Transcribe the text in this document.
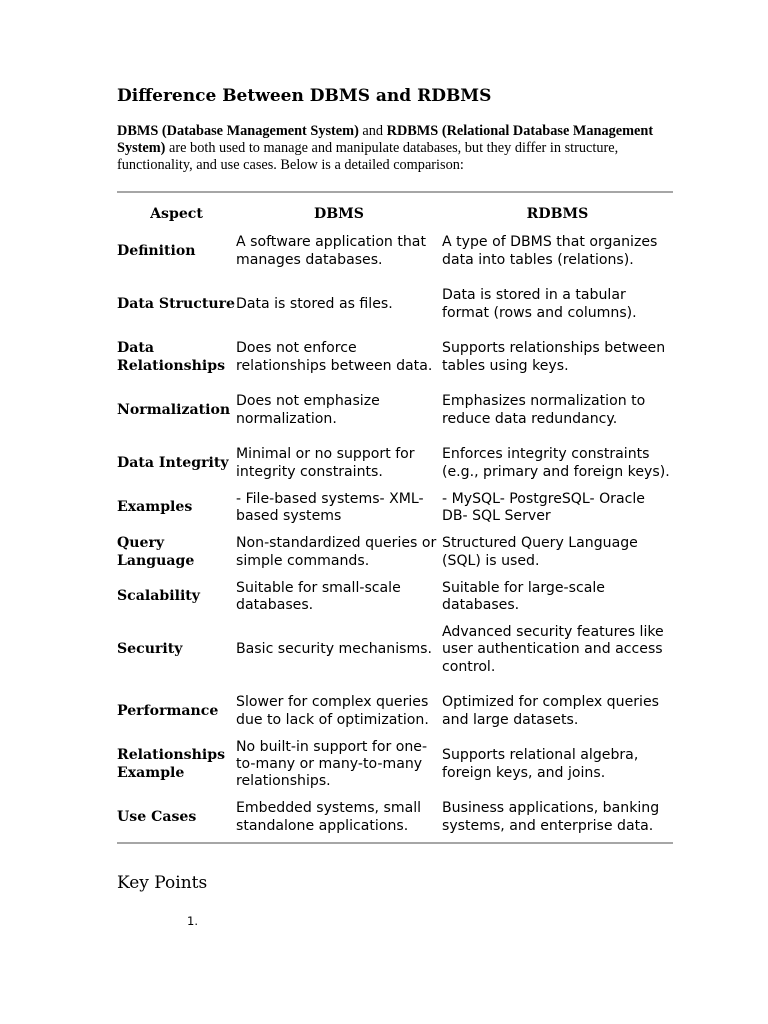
Difference Between DBMS and RDBMS

DBMS (Database Management System) and RDBMS (Relational Database Management System) are both used to manage and manipulate databases, but they differ in structure, functionality, and use cases. Below is a detailed comparison:

Aspect	DBMS	RDBMS
Definition	A software application that manages databases.	A type of DBMS that organizes data into tables (relations).
Data Structure	Data is stored as files.	Data is stored in a tabular format (rows and columns).
Data Relationships	Does not enforce relationships between data.	Supports relationships between tables using keys.
Normalization	Does not emphasize normalization.	Emphasizes normalization to reduce data redundancy.
Data Integrity	Minimal or no support for integrity constraints.	Enforces integrity constraints (e.g., primary and foreign keys).
Examples	- File-based systems- XML-based systems	- MySQL- PostgreSQL- Oracle DB- SQL Server
Query Language	Non-standardized queries or simple commands.	Structured Query Language (SQL) is used.
Scalability	Suitable for small-scale databases.	Suitable for large-scale databases.
Security	Basic security mechanisms.	Advanced security features like user authentication and access control.
Performance	Slower for complex queries due to lack of optimization.	Optimized for complex queries and large datasets.
Relationships Example	No built-in support for one-to-many or many-to-many relationships.	Supports relational algebra, foreign keys, and joins.
Use Cases	Embedded systems, small standalone applications.	Business applications, banking systems, and enterprise data.
Key Points
1.
